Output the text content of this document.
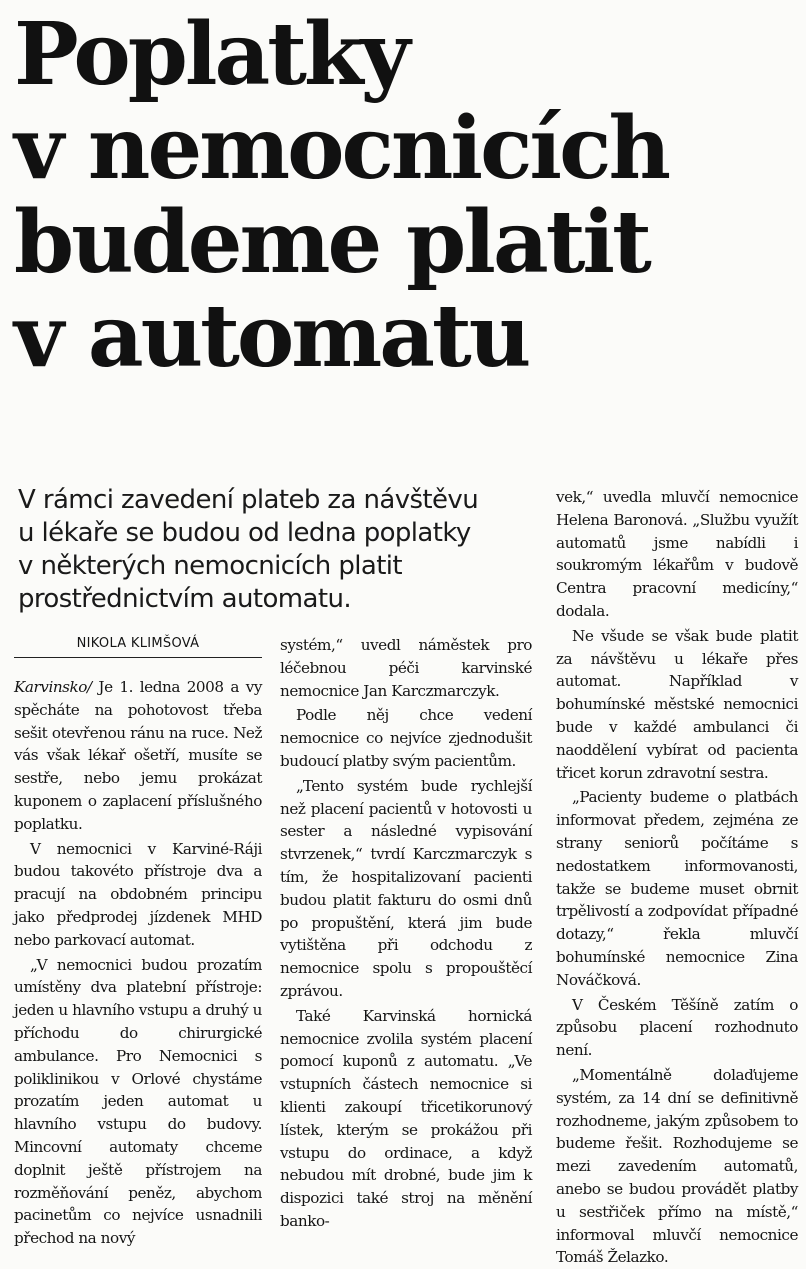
Poplatky
v nemocnicích
budeme platit
v automatu
V rámci zavedení plateb za návštěvu
u lékaře se budou od ledna poplatky
v některých nemocnicích platit
prostřednictvím automatu.
NIKOLA KLIMŠOVÁ

Karvinsko/ Je 1. ledna 2008 a vy spěcháte na pohotovost třeba sešit otevřenou ránu na ruce. Než vás však lékař ošetří, musíte se sestře, nebo jemu prokázat kuponem o zaplacení příslušného poplatku.

V nemocnici v Karviné-Ráji budou takovéto přístroje dva a pracují na obdobném principu jako předprodej jízdenek MHD nebo parkovací automat.

„V nemocnici budou prozatím umístěny dva platební přístroje: jeden u hlavního vstupu a druhý u příchodu do chirurgické ambulance. Pro Nemocnici s poliklinikou v Orlové chystáme prozatím jeden automat u hlavního vstupu do budovy. Mincovní automaty chceme doplnit ještě přístrojem na rozměňování peněz, abychom pacinetům co nejvíce usnadnili přechod na nový

systém,“ uvedl náměstek pro léčebnou péči karvinské nemocnice Jan Karczmarczyk.

Podle něj chce vedení nemocnice co nejvíce zjednodušit budoucí platby svým pacientům.

„Tento systém bude rychlejší než placení pacientů v hotovosti u sester a následné vypisování stvrzenek,“ tvrdí Karczmarczyk s tím, že hospitalizovaní pacienti budou platit fakturu do osmi dnů po propuštění, která jim bude vytištěna při odchodu z nemocnice spolu s propouštěcí zprávou.

Také Karvinská hornická nemocnice zvolila systém placení pomocí kuponů z automatu. „Ve vstupních částech nemocnice si klienti zakoupí třicetikorunový lístek, kterým se prokážou při vstupu do ordinace, a když nebudou mít drobné, bude jim k dispozici také stroj na měnění banko-

vek,“ uvedla mluvčí nemocnice Helena Baronová. „Službu využít automatů jsme nabídli i soukromým lékařům v budově Centra pracovní medicíny,“ dodala.

Ne všude se však bude platit za návštěvu u lékaře přes automat. Například v bohumínské městské nemocnici bude v každé ambulanci či naoddělení vybírat od pacienta třicet korun zdravotní sestra.

„Pacienty budeme o platbách informovat předem, zejména ze strany seniorů počítáme s nedostatkem informovanosti, takže se budeme muset obrnit trpělivostí a zodpovídat případné dotazy,“ řekla mluvčí bohumínské nemocnice Zina Nováčková.

V Českém Těšíně zatím o způsobu placení rozhodnuto není.

„Momentálně dolaďujeme systém, za 14 dní se definitivně rozhodneme, jakým způsobem to budeme řešit. Rozhodujeme se mezi zavedením automatů, anebo se budou provádět platby u sestřiček přímo na místě,“ informoval mluvčí nemocnice Tomáš Želazko.
